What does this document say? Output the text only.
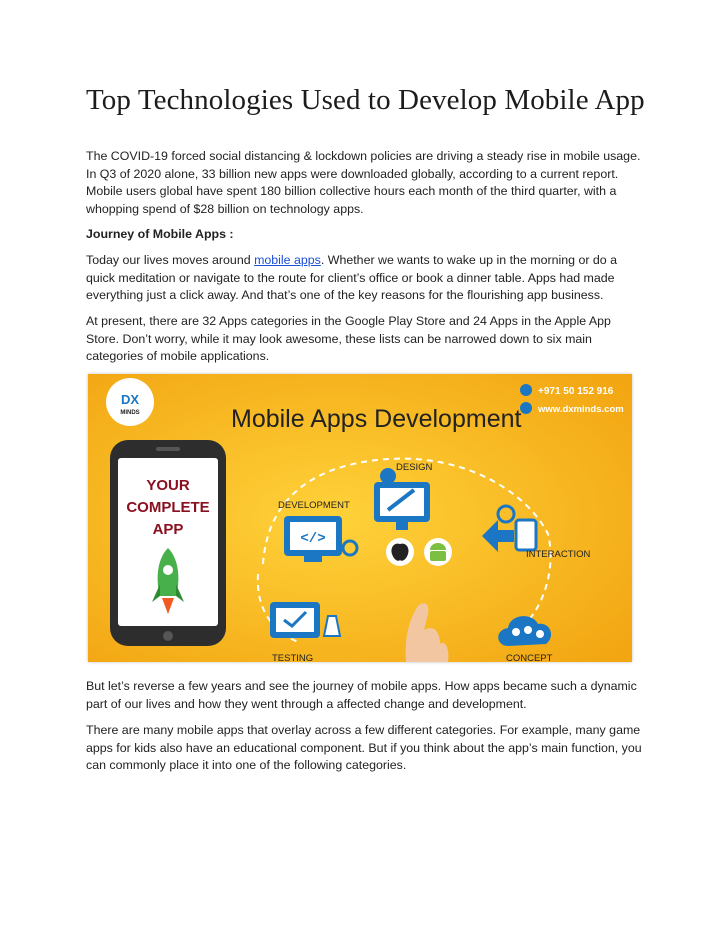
Top Technologies Used to Develop Mobile App

The COVID-19 forced social distancing & lockdown policies are driving a steady rise in mobile usage. In Q3 of 2020 alone, 33 billion new apps were downloaded globally, according to a current report. Mobile users global have spent 180 billion collective hours each month of the third quarter, with a whopping spend of $28 billion on technology apps.

Journey of Mobile Apps :

Today our lives moves around mobile apps. Whether we wants to wake up in the morning or do a quick meditation or navigate to the route for client’s office or book a dinner table. Apps had made everything just a click away. And that’s one of the key reasons for the flourishing app business.

At present, there are 32 Apps categories in the Google Play Store and 24 Apps in the Apple App Store. Don’t worry, while it may look awesome, these lists can be narrowed down to six main categories of mobile applications.

DX
MINDS
+971 50 152 916
www.dxminds.com
Mobile Apps Development
YOUR
COMPLETE
APP
DESIGN
DEVELOPMENT
</>
INTERACTION
TESTING	CONCEPT

But let’s reverse a few years and see the journey of mobile apps. How apps became such a dynamic part of our lives and how they went through a affected change and development.

There are many mobile apps that overlay across a few different categories. For example, many game apps for kids also have an educational component. But if you think about the app’s main function, you can commonly place it into one of the following categories.
